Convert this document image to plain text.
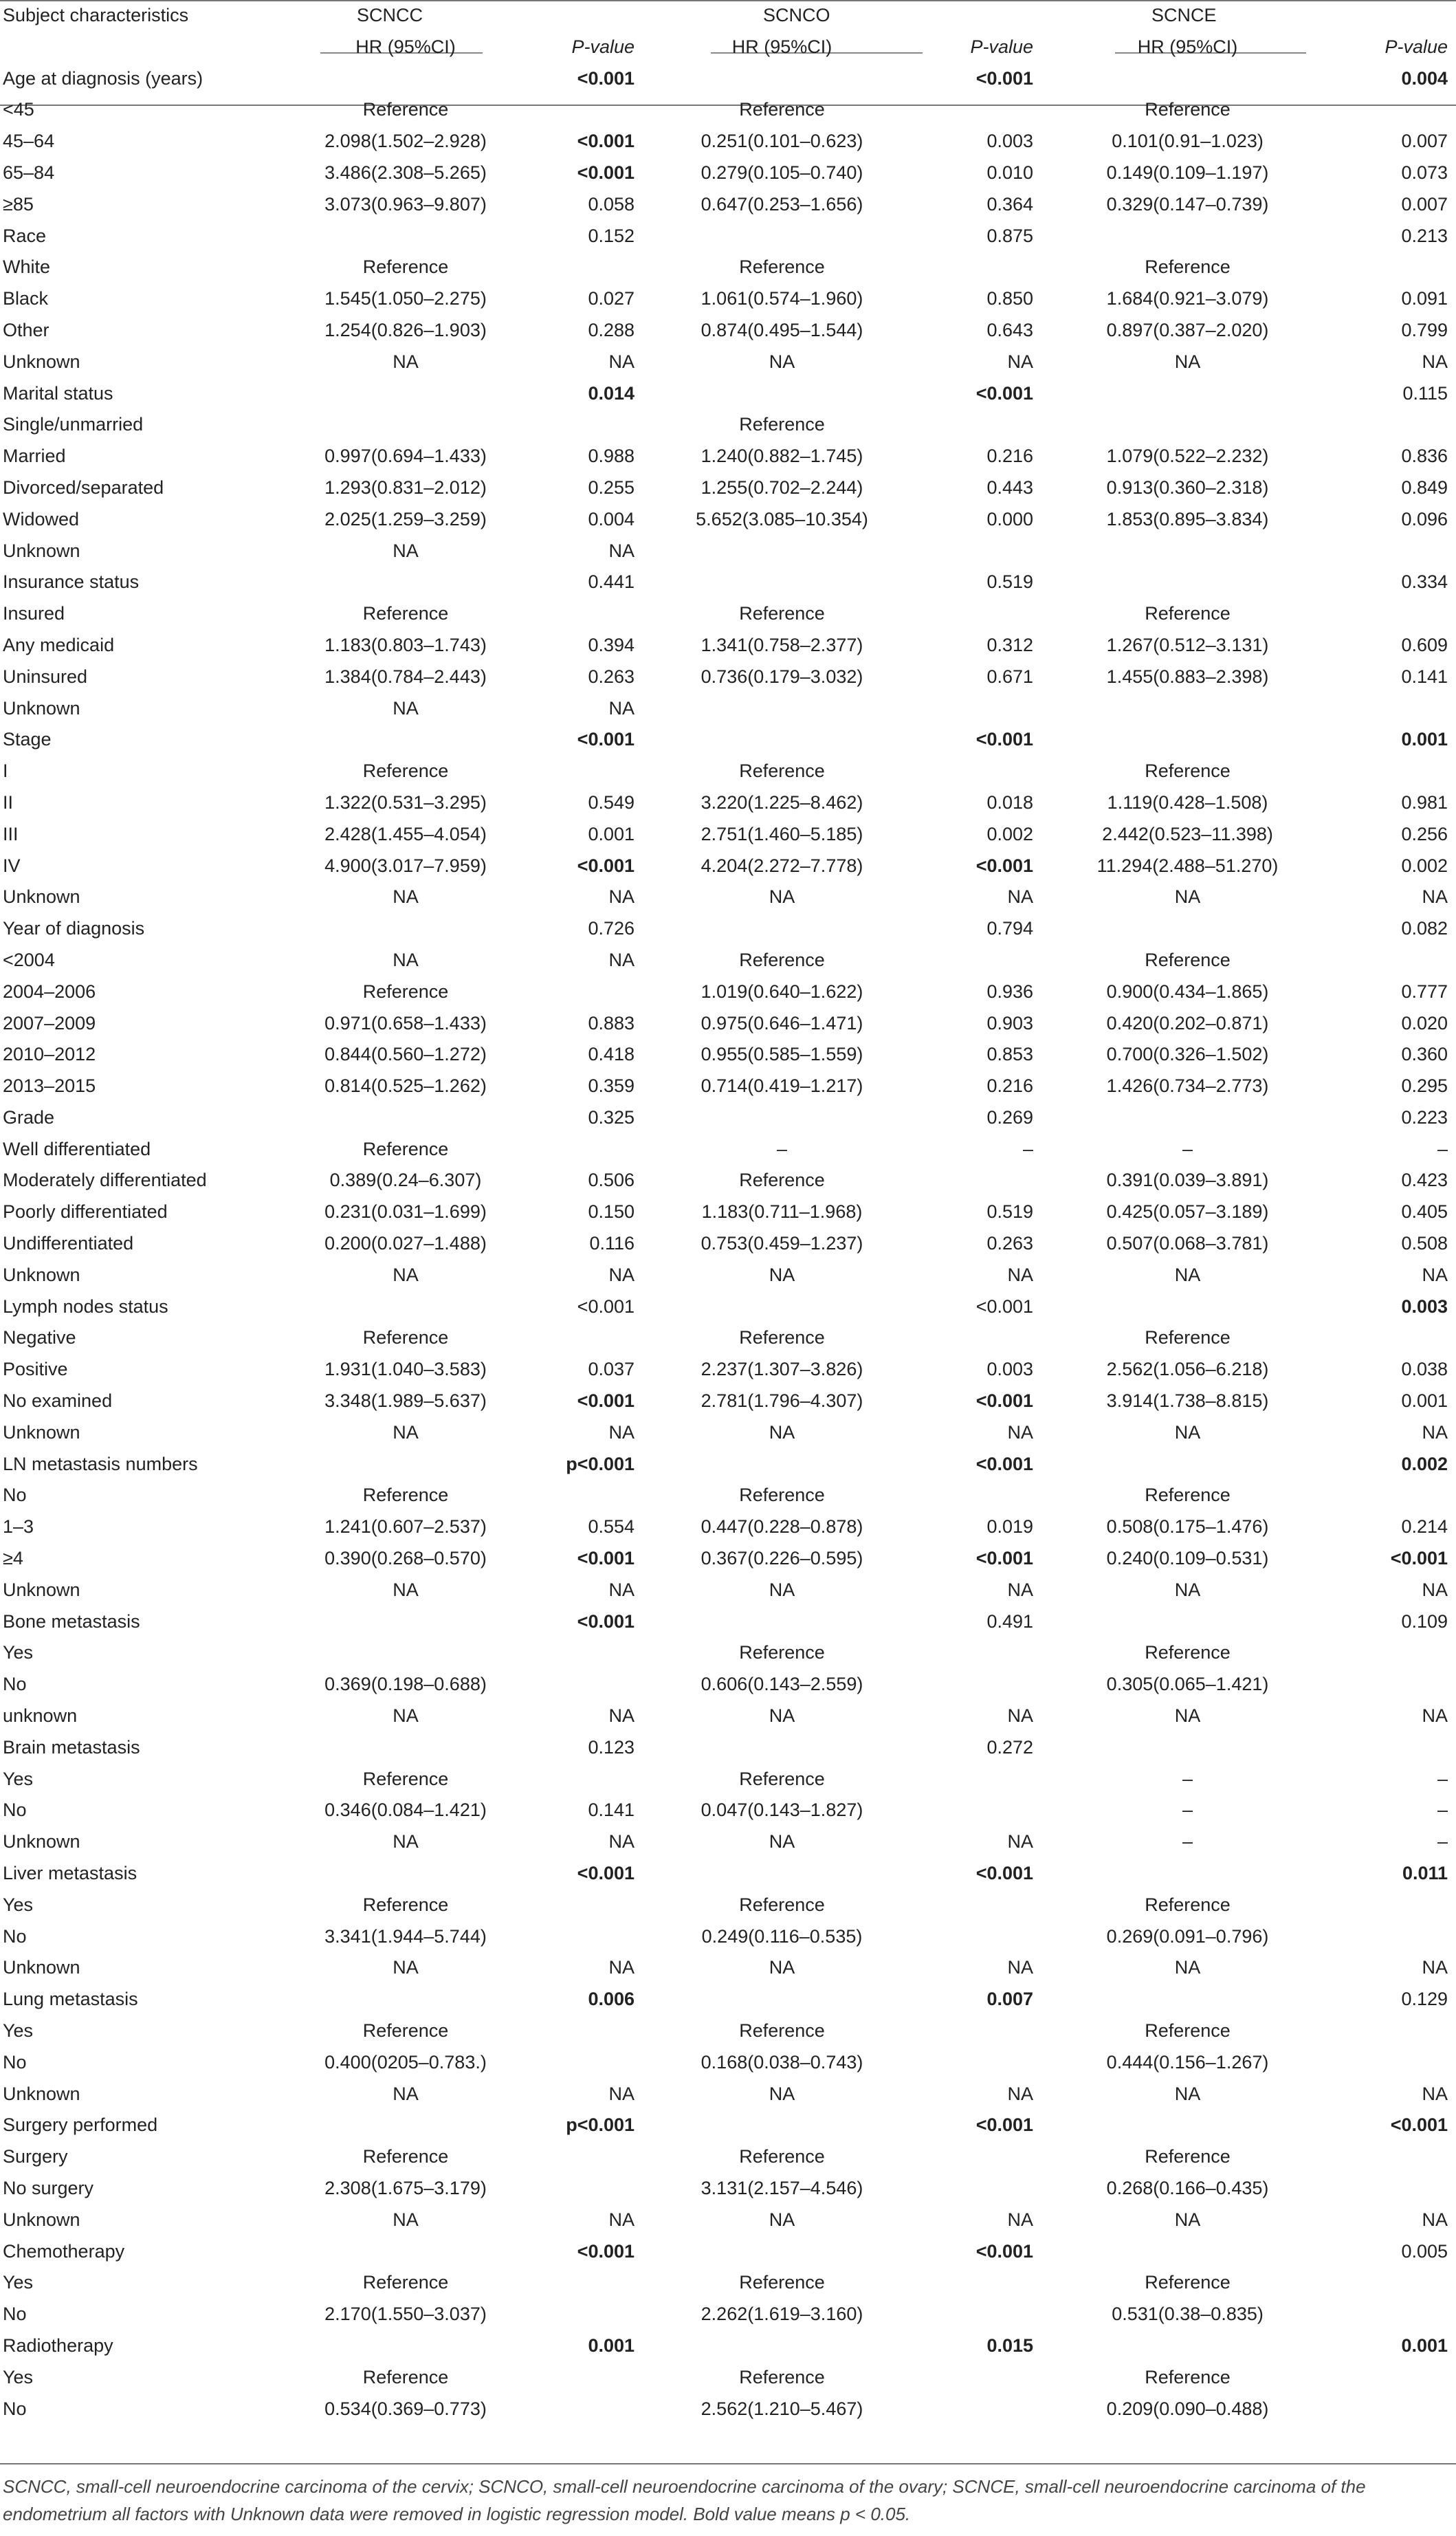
Subject characteristics	SCNCC		SCNCO		SCNCE	
	HR (95%CI)	P-value	HR (95%CI)	P-value	HR (95%CI)	P-value
Age at diagnosis (years)		<0.001		<0.001		0.004
<45	Reference		Reference		Reference	
45–64	2.098(1.502–2.928)	<0.001	0.251(0.101–0.623)	0.003	0.101(0.91–1.023)	0.007
65–84	3.486(2.308–5.265)	<0.001	0.279(0.105–0.740)	0.010	0.149(0.109–1.197)	0.073
≥85	3.073(0.963–9.807)	0.058	0.647(0.253–1.656)	0.364	0.329(0.147–0.739)	0.007
Race		0.152		0.875		0.213
White	Reference		Reference		Reference	
Black	1.545(1.050–2.275)	0.027	1.061(0.574–1.960)	0.850	1.684(0.921–3.079)	0.091
Other	1.254(0.826–1.903)	0.288	0.874(0.495–1.544)	0.643	0.897(0.387–2.020)	0.799
Unknown	NA	NA	NA	NA	NA	NA
Marital status		0.014		<0.001		0.115
Single/unmarried			Reference			
Married	0.997(0.694–1.433)	0.988	1.240(0.882–1.745)	0.216	1.079(0.522–2.232)	0.836
Divorced/separated	1.293(0.831–2.012)	0.255	1.255(0.702–2.244)	0.443	0.913(0.360–2.318)	0.849
Widowed	2.025(1.259–3.259)	0.004	5.652(3.085–10.354)	0.000	1.853(0.895–3.834)	0.096
Unknown	NA	NA				
Insurance status		0.441		0.519		0.334
Insured	Reference		Reference		Reference	
Any medicaid	1.183(0.803–1.743)	0.394	1.341(0.758–2.377)	0.312	1.267(0.512–3.131)	0.609
Uninsured	1.384(0.784–2.443)	0.263	0.736(0.179–3.032)	0.671	1.455(0.883–2.398)	0.141
Unknown	NA	NA				
Stage		<0.001		<0.001		0.001
I	Reference		Reference		Reference	
II	1.322(0.531–3.295)	0.549	3.220(1.225–8.462)	0.018	1.119(0.428–1.508)	0.981
III	2.428(1.455–4.054)	0.001	2.751(1.460–5.185)	0.002	2.442(0.523–11.398)	0.256
IV	4.900(3.017–7.959)	<0.001	4.204(2.272–7.778)	<0.001	11.294(2.488–51.270)	0.002
Unknown	NA	NA	NA	NA	NA	NA
Year of diagnosis		0.726		0.794		0.082
<2004	NA	NA	Reference		Reference	
2004–2006	Reference		1.019(0.640–1.622)	0.936	0.900(0.434–1.865)	0.777
2007–2009	0.971(0.658–1.433)	0.883	0.975(0.646–1.471)	0.903	0.420(0.202–0.871)	0.020
2010–2012	0.844(0.560–1.272)	0.418	0.955(0.585–1.559)	0.853	0.700(0.326–1.502)	0.360
2013–2015	0.814(0.525–1.262)	0.359	0.714(0.419–1.217)	0.216	1.426(0.734–2.773)	0.295
Grade		0.325		0.269		0.223
Well differentiated	Reference		–	–	–	–
Moderately differentiated	0.389(0.24–6.307)	0.506	Reference		0.391(0.039–3.891)	0.423
Poorly differentiated	0.231(0.031–1.699)	0.150	1.183(0.711–1.968)	0.519	0.425(0.057–3.189)	0.405
Undifferentiated	0.200(0.027–1.488)	0.116	0.753(0.459–1.237)	0.263	0.507(0.068–3.781)	0.508
Unknown	NA	NA	NA	NA	NA	NA
Lymph nodes status		<0.001		<0.001		0.003
Negative	Reference		Reference		Reference	
Positive	1.931(1.040–3.583)	0.037	2.237(1.307–3.826)	0.003	2.562(1.056–6.218)	0.038
No examined	3.348(1.989–5.637)	<0.001	2.781(1.796–4.307)	<0.001	3.914(1.738–8.815)	0.001
Unknown	NA	NA	NA	NA	NA	NA
LN metastasis numbers		p<0.001		<0.001		0.002
No	Reference		Reference		Reference	
1–3	1.241(0.607–2.537)	0.554	0.447(0.228–0.878)	0.019	0.508(0.175–1.476)	0.214
≥4	0.390(0.268–0.570)	<0.001	0.367(0.226–0.595)	<0.001	0.240(0.109–0.531)	<0.001
Unknown	NA	NA	NA	NA	NA	NA
Bone metastasis		<0.001		0.491		0.109
Yes			Reference		Reference	
No	0.369(0.198–0.688)		0.606(0.143–2.559)		0.305(0.065–1.421)	
unknown	NA	NA	NA	NA	NA	NA
Brain metastasis		0.123		0.272		
Yes	Reference		Reference		–	–
No	0.346(0.084–1.421)	0.141	0.047(0.143–1.827)		–	–
Unknown	NA	NA	NA	NA	–	–
Liver metastasis		<0.001		<0.001		0.011
Yes	Reference		Reference		Reference	
No	3.341(1.944–5.744)		0.249(0.116–0.535)		0.269(0.091–0.796)	
Unknown	NA	NA	NA	NA	NA	NA
Lung metastasis		0.006		0.007		0.129
Yes	Reference		Reference		Reference	
No	0.400(0205–0.783.)		0.168(0.038–0.743)		0.444(0.156–1.267)	
Unknown	NA	NA	NA	NA	NA	NA
Surgery performed		p<0.001		<0.001		<0.001
Surgery	Reference		Reference		Reference	
No surgery	2.308(1.675–3.179)		3.131(2.157–4.546)		0.268(0.166–0.435)	
Unknown	NA	NA	NA	NA	NA	NA
Chemotherapy		<0.001		<0.001		0.005
Yes	Reference		Reference		Reference	
No	2.170(1.550–3.037)		2.262(1.619–3.160)		0.531(0.38–0.835)	
Radiotherapy		0.001		0.015		0.001
Yes	Reference		Reference		Reference	
No	0.534(0.369–0.773)		2.562(1.210–5.467)		0.209(0.090–0.488)	
SCNCC, small-cell neuroendocrine carcinoma of the cervix; SCNCO, small-cell neuroendocrine carcinoma of the ovary; SCNCE, small-cell neuroendocrine carcinoma of the endometrium all factors with Unknown data were removed in logistic regression model. Bold value means p < 0.05.
